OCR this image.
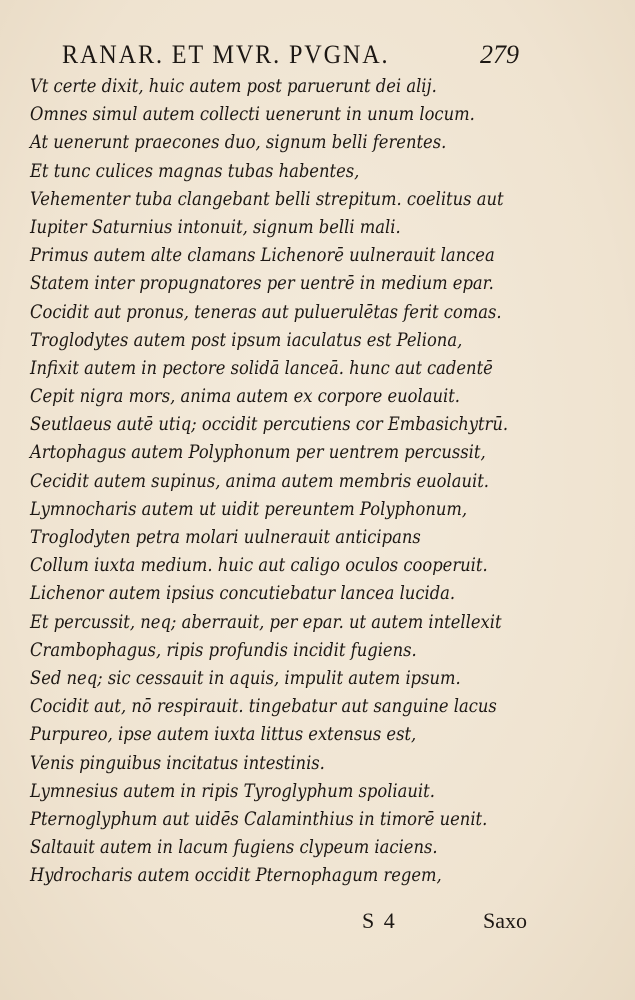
RANAR. ET MVR. PVGNA.	279
Vt certe dixit, huic autem post paruerunt dei alij.
Omnes simul autem collecti uenerunt in unum locum.
At uenerunt praecones duo, signum belli ferentes.
Et tunc culices magnas tubas habentes,
Vehementer tuba clangebant belli strepitum. coelitus aut
Iupiter Saturnius intonuit, signum belli mali.
Primus autem alte clamans Lichenorē uulnerauit lancea
Statem inter propugnatores per uentrē in medium epar.
Cocidit aut pronus, teneras aut puluerulētas ferit comas.
Troglodytes autem post ipsum iaculatus est Peliona,
Infixit autem in pectore solidā lanceā. hunc aut cadentē
Cepit nigra mors, anima autem ex corpore euolauit.
Seutlaeus autē utiq; occidit percutiens cor Embasichytrū.
Artophagus autem Polyphonum per uentrem percussit,
Cecidit autem supinus, anima autem membris euolauit.
Lymnocharis autem ut uidit pereuntem Polyphonum,
Troglodyten petra molari uulnerauit anticipans
Collum iuxta medium. huic aut caligo oculos cooperuit.
Lichenor autem ipsius concutiebatur lancea lucida.
Et percussit, neq; aberrauit, per epar. ut autem intellexit
Crambophagus, ripis profundis incidit fugiens.
Sed neq; sic cessauit in aquis, impulit autem ipsum.
Cocidit aut, nō respirauit. tingebatur aut sanguine lacus
Purpureo, ipse autem iuxta littus extensus est,
Venis pinguibus incitatus intestinis.
Lymnesius autem in ripis Tyroglyphum spoliauit.
Pternoglyphum aut uidēs Calaminthius in timorē uenit.
Saltauit autem in lacum fugiens clypeum iaciens.
Hydrocharis autem occidit Pternophagum regem,
S 4	Saxo
